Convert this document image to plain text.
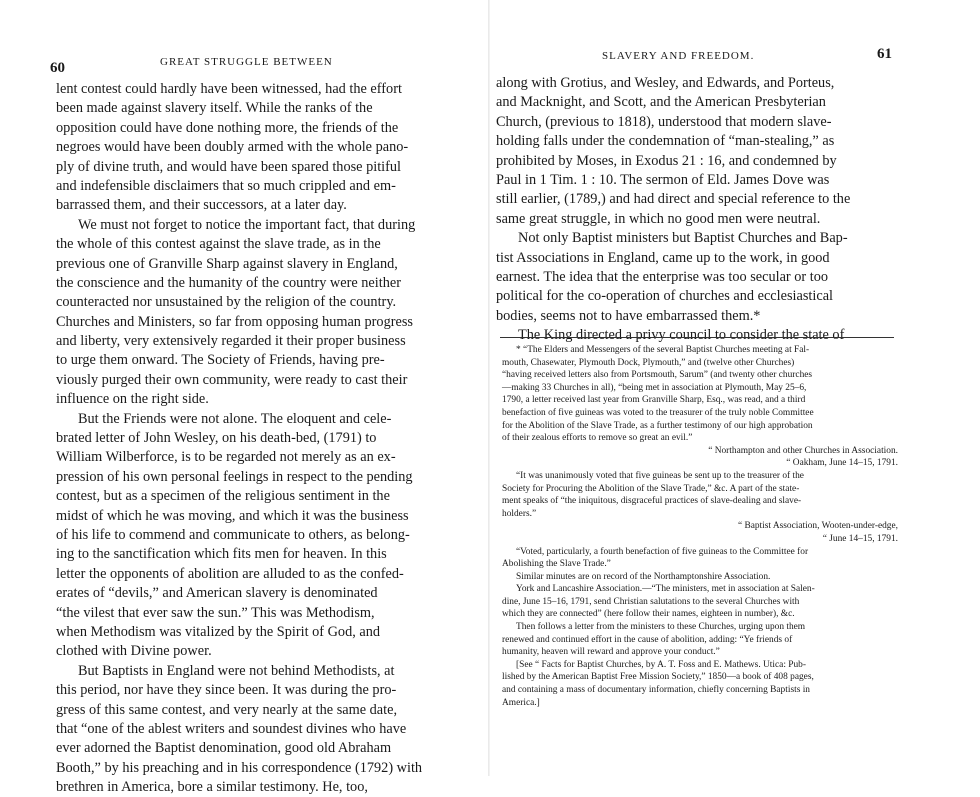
60	GREAT STRUGGLE BETWEEN
lent contest could hardly have been witnessed, had the effort
been made against slavery itself. While the ranks of the
opposition could have done nothing more, the friends of the
negroes would have been doubly armed with the whole pano-
ply of divine truth, and would have been spared those pitiful
and indefensible disclaimers that so much crippled and em-
barrassed them, and their successors, at a later day.
We must not forget to notice the important fact, that during
the whole of this contest against the slave trade, as in the
previous one of Granville Sharp against slavery in England,
the conscience and the humanity of the country were neither
counteracted nor unsustained by the religion of the country.
Churches and Ministers, so far from opposing human progress
and liberty, very extensively regarded it their proper business
to urge them onward. The Society of Friends, having pre-
viously purged their own community, were ready to cast their
influence on the right side.
But the Friends were not alone. The eloquent and cele-
brated letter of John Wesley, on his death-bed, (1791) to
William Wilberforce, is to be regarded not merely as an ex-
pression of his own personal feelings in respect to the pending
contest, but as a specimen of the religious sentiment in the
midst of which he was moving, and which it was the business
of his life to commend and communicate to others, as belong-
ing to the sanctification which fits men for heaven. In this
letter the opponents of abolition are alluded to as the confed-
erates of “devils,” and American slavery is denominated
“the vilest that ever saw the sun.” This was Methodism,
when Methodism was vitalized by the Spirit of God, and
clothed with Divine power.
But Baptists in England were not behind Methodists, at
this period, nor have they since been. It was during the pro-
gress of this same contest, and very nearly at the same date,
that “one of the ablest writers and soundest divines who have
ever adorned the Baptist denomination, good old Abraham
Booth,” by his preaching and in his correspondence (1792) with
brethren in America, bore a similar testimony. He, too,
SLAVERY AND FREEDOM.	61
along with Grotius, and Wesley, and Edwards, and Porteus,
and Macknight, and Scott, and the American Presbyterian
Church, (previous to 1818), understood that modern slave-
holding falls under the condemnation of “man-stealing,” as
prohibited by Moses, in Exodus 21 : 16, and condemned by
Paul in 1 Tim. 1 : 10. The sermon of Eld. James Dove was
still earlier, (1789,) and had direct and special reference to the
same great struggle, in which no good men were neutral.
Not only Baptist ministers but Baptist Churches and Bap-
tist Associations in England, came up to the work, in good
earnest. The idea that the enterprise was too secular or too
political for the co-operation of churches and ecclesiastical
bodies, seems not to have embarrassed them.*
The King directed a privy council to consider the state of
* “The Elders and Messengers of the several Baptist Churches meeting at Fal-
mouth, Chasewater, Plymouth Dock, Plymouth,” and (twelve other Churches)
“having received letters also from Portsmouth, Sarum” (and twenty other churches
—making 33 Churches in all), “being met in association at Plymouth, May 25–6,
1790, a letter received last year from Granville Sharp, Esq., was read, and a third
benefaction of five guineas was voted to the treasurer of the truly noble Committee
for the Abolition of the Slave Trade, as a further testimony of our high approbation
of their zealous efforts to remove so great an evil.”
“ Northampton and other Churches in Association.
“ Oakham, June 14–15, 1791.
“It was unanimously voted that five guineas be sent up to the treasurer of the
Society for Procuring the Abolition of the Slave Trade,” &c. A part of the state-
ment speaks of “the iniquitous, disgraceful practices of slave-dealing and slave-
holders.”
“ Baptist Association, Wooten-under-edge,
“ June 14–15, 1791.
“Voted, particularly, a fourth benefaction of five guineas to the Committee for
Abolishing the Slave Trade.”
Similar minutes are on record of the Northamptonshire Association.
York and Lancashire Association.—“The ministers, met in association at Salen-
dine, June 15–16, 1791, send Christian salutations to the several Churches with
which they are connected” (here follow their names, eighteen in number), &c.
Then follows a letter from the ministers to these Churches, urging upon them
renewed and continued effort in the cause of abolition, adding: “Ye friends of
humanity, heaven will reward and approve your conduct.”
[See “ Facts for Baptist Churches, by A. T. Foss and E. Mathews. Utica: Pub-
lished by the American Baptist Free Mission Society,” 1850—a book of 408 pages,
and containing a mass of documentary information, chiefly concerning Baptists in
America.]
